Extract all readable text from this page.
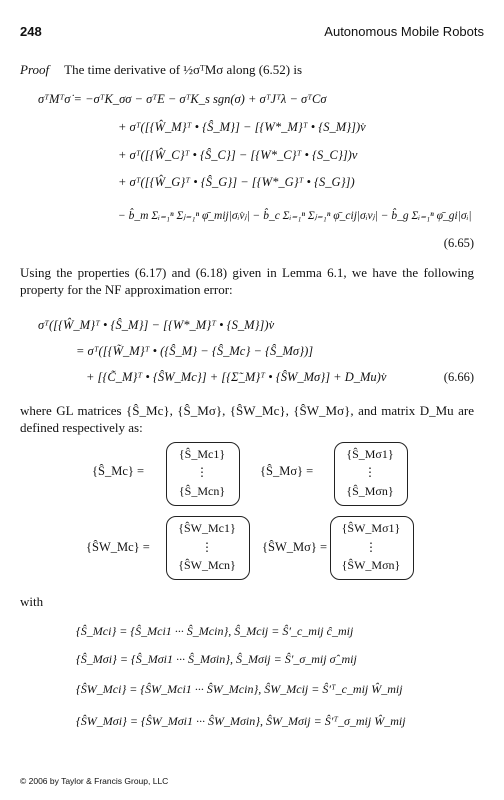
248	Autonomous Mobile Robots
Proof The time derivative of ½σᵀMσ along (6.52) is
σᵀMᵀσ̇ = −σᵀK_σσ − σᵀE − σᵀK_s sgn(σ) + σᵀJᵀλ − σᵀCσ
+ σᵀ([{Ŵ_M}ᵀ • {Ŝ_M}] − [{W*_M}ᵀ • {S_M}])v̇
+ σᵀ([{Ŵ_C}ᵀ • {Ŝ_C}] − [{W*_C}ᵀ • {S_C}])v
+ σᵀ([{Ŵ_G}ᵀ • {Ŝ_G}] − [{W*_G}ᵀ • {S_G}])
− b̂_m Σᵢ₌₁ⁿ Σⱼ₌₁ⁿ φ̄_mij|σᵢv̇ⱼ| − b̂_c Σᵢ₌₁ⁿ Σⱼ₌₁ⁿ φ̄_cij|σᵢvⱼ| − b̂_g Σᵢ₌₁ⁿ φ̄_gi|σᵢ|
(6.65)
Using the properties (6.17) and (6.18) given in Lemma 6.1, we have the following property for the NF approximation error:
σᵀ([{Ŵ_M}ᵀ • {Ŝ_M}] − [{W*_M}ᵀ • {S_M}])v̇
= σᵀ([{W̃_M}ᵀ • ({Ŝ_M} − {Ŝ_Mc} − {Ŝ_Mσ})]
+ [{C̃_M}ᵀ • {ŜW_Mc}] + [{Σ̃_M}ᵀ • {ŜW_Mσ}] + D_Mu)v̇	(6.66)
where GL matrices {Ŝ_Mc}, {Ŝ_Mσ}, {ŜW_Mc}, {ŜW_Mσ}, and matrix D_Mu are defined respectively as:
{Ŝ_Mc} =
{Ŝ_Mc1}
⋮
{Ŝ_Mcn}
{Ŝ_Mσ} =
{Ŝ_Mσ1}
⋮
{Ŝ_Mσn}
{ŜW_Mc} =
{ŜW_Mc1}
⋮
{ŜW_Mcn}
{ŜW_Mσ} =
{ŜW_Mσ1}
⋮
{ŜW_Mσn}
with
{Ŝ_Mci} = {Ŝ_Mci1 ··· Ŝ_Mcin}, Ŝ_Mcij = Ŝ′_c_mij ĉ_mij
{Ŝ_Mσi} = {Ŝ_Mσi1 ··· Ŝ_Mσin}, Ŝ_Mσij = Ŝ′_σ_mij σ̂_mij
{ŜW_Mci} = {ŜW_Mci1 ··· ŜW_Mcin}, ŜW_Mcij = Ŝ′ᵀ_c_mij Ŵ_mij
{ŜW_Mσi} = {ŜW_Mσi1 ··· ŜW_Mσin}, ŜW_Mσij = Ŝ′ᵀ_σ_mij Ŵ_mij
© 2006 by Taylor & Francis Group, LLC
